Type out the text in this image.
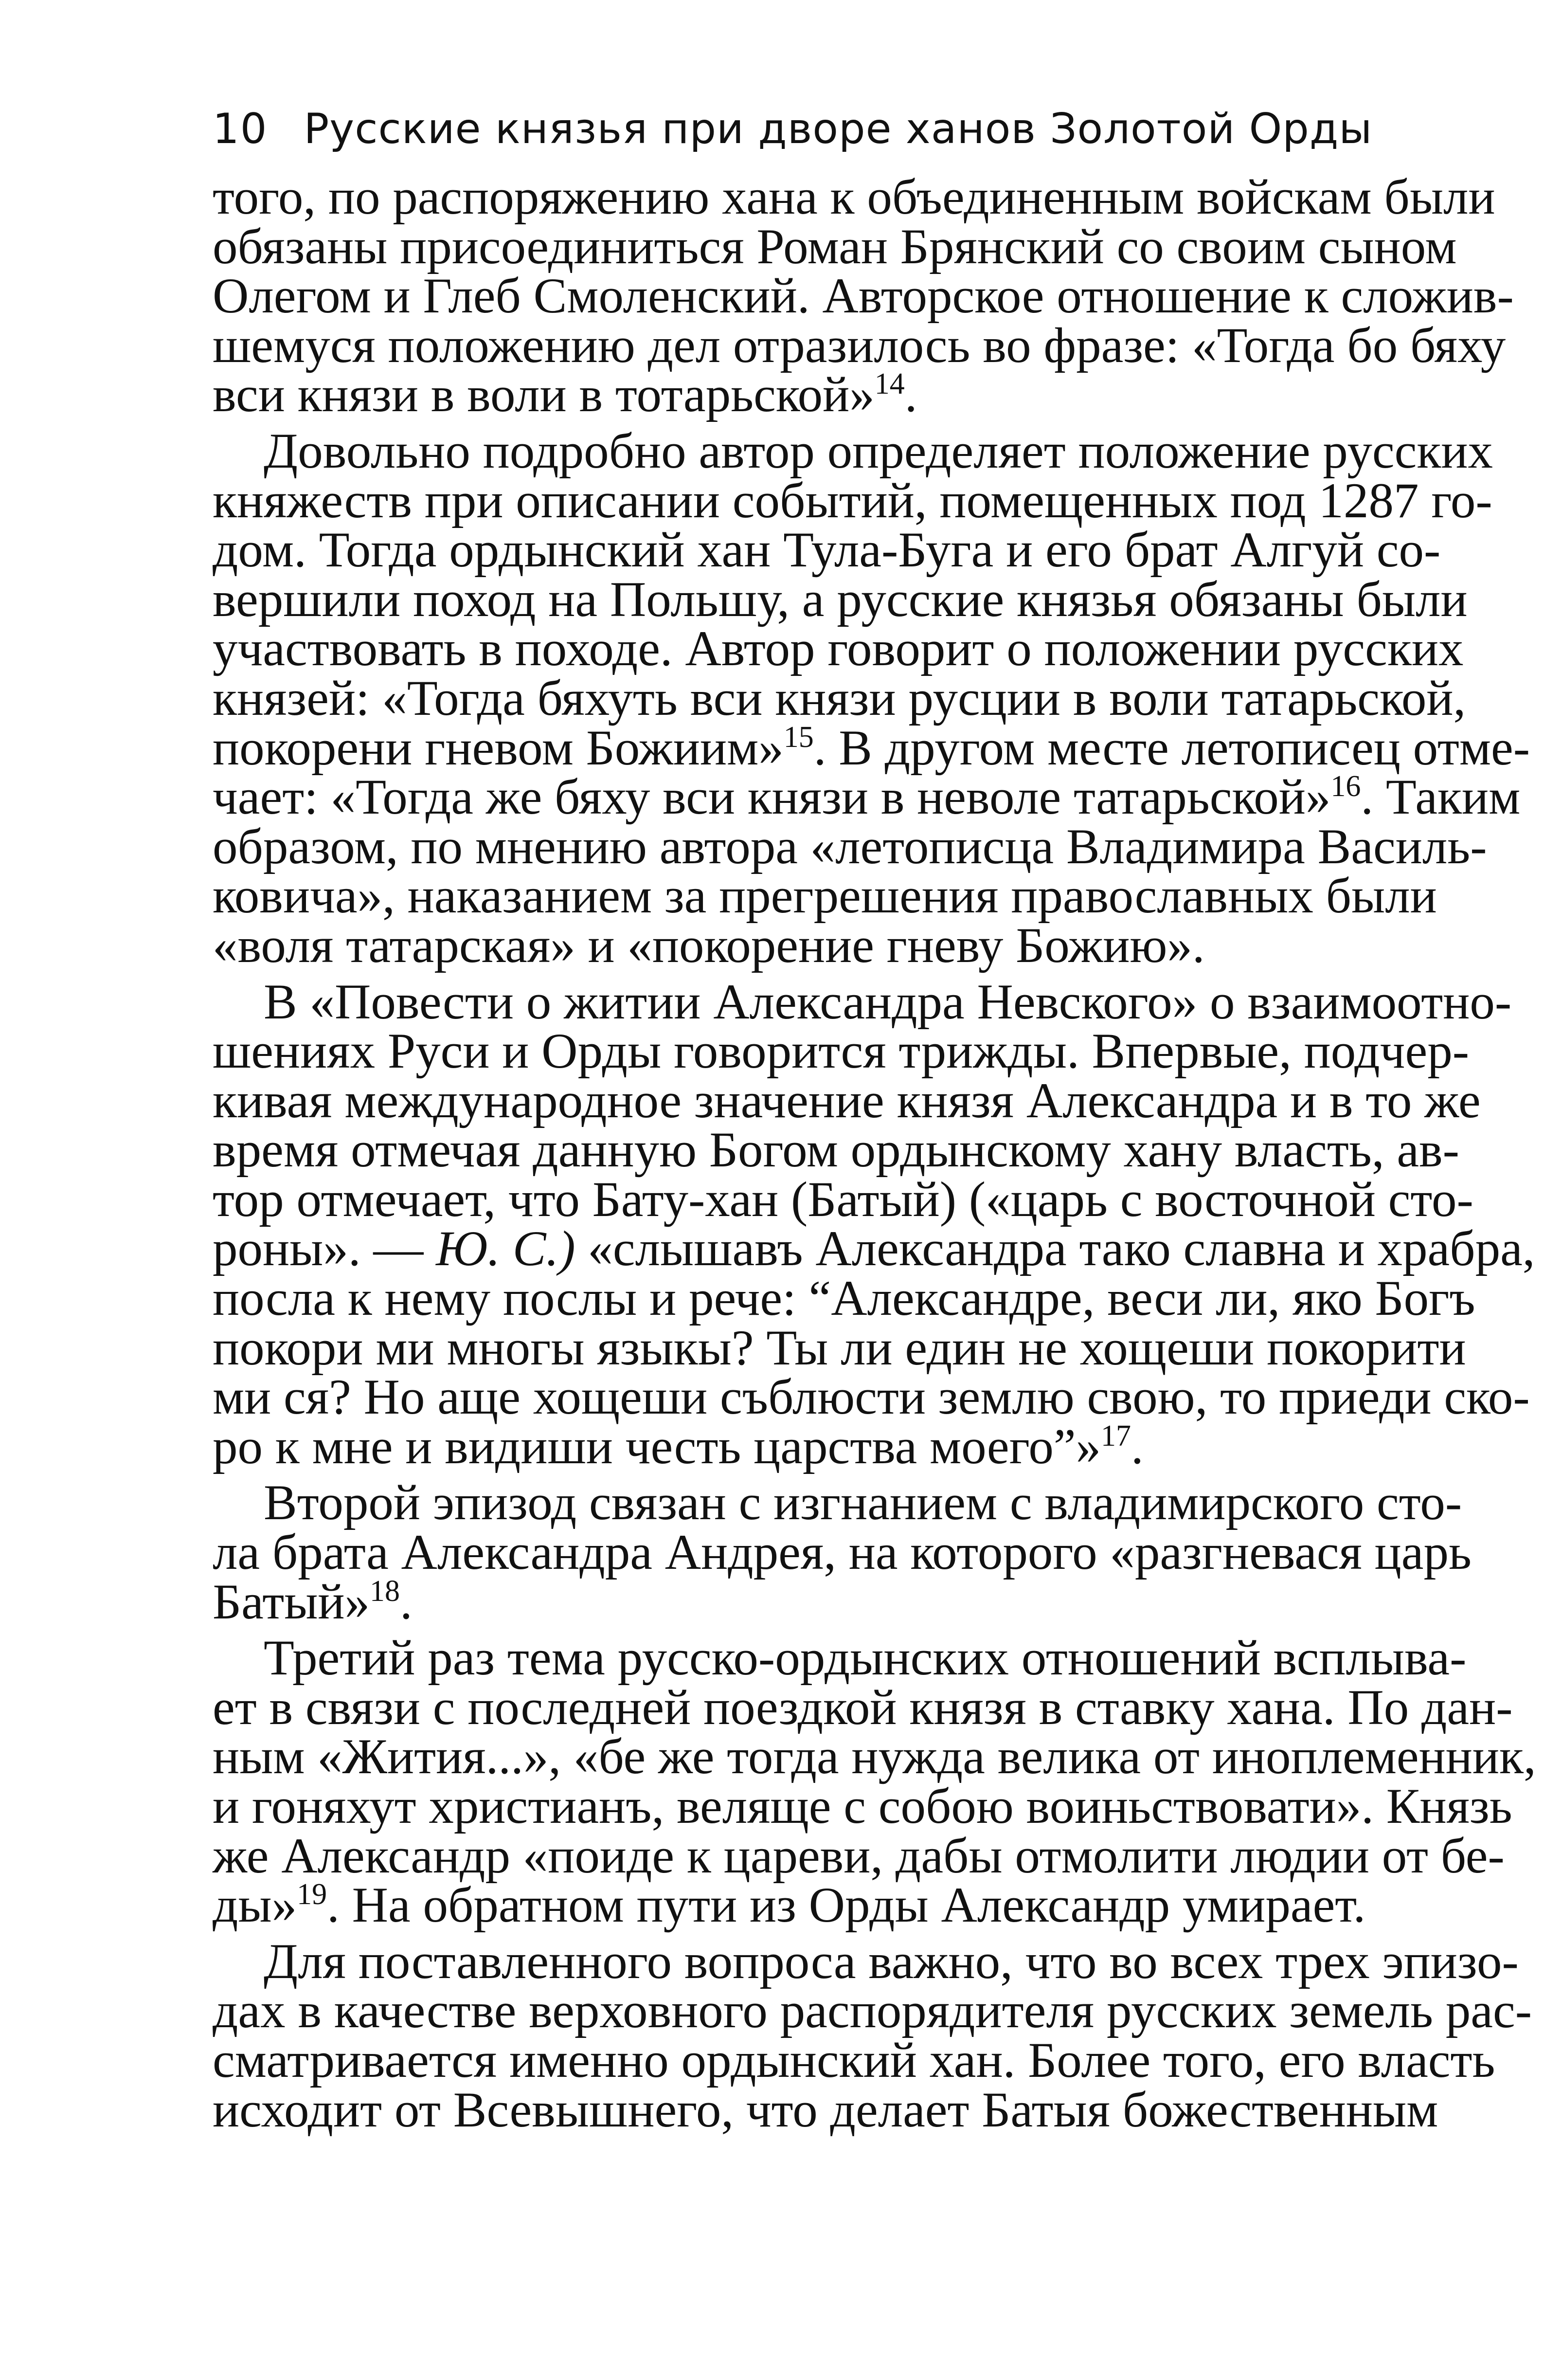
10 Русские князья при дворе ханов Золотой Орды
того, по распоряжению хана к объединенным войскам были
обязаны присоединиться Роман Брянский со своим сыном
Олегом и Глеб Смоленский. Авторское отношение к сложив-
шемуся положению дел отразилось во фразе: «Тогда бо бяху
вси князи в воли в тотарьской»$^{14}$.
Довольно подробно автор определяет положение русских
княжеств при описании событий, помещенных под 1287 го-
дом. Тогда ордынский хан Тула-Буга и его брат Алгуй со-
вершили поход на Польшу, а русские князья обязаны были
участвовать в походе. Автор говорит о положении русских
князей: «Тогда бяхуть вси князи русции в воли татарьской,
покорени гневом Божиим»$^{15}$. В другом месте летописец отме-
чает: «Тогда же бяху вси князи в неволе татарьской»$^{16}$. Таким
образом, по мнению автора «летописца Владимира Василь-
ковича», наказанием за прегрешения православных были
«воля татарская» и «покорение гневу Божию».
В «Повести о житии Александра Невского» о взаимоотно-
шениях Руси и Орды говорится трижды. Впервые, подчер-
кивая международное значение князя Александра и в то же
время отмечая данную Богом ордынскому хану власть, ав-
тор отмечает, что Бату-хан (Батый) («царь с восточной сто-
роны». — Ю. С.) «слышавъ Александра тако славна и храбра,
посла к нему послы и рече: “Александре, веси ли, яко Богъ
покори ми многы языкы? Ты ли един не хощеши покорити
ми ся? Но аще хощеши съблюсти землю свою, то приеди ско-
ро к мне и видиши честь царства моего”»$^{17}$.
Второй эпизод связан с изгнанием с владимирского сто-
ла брата Александра Андрея, на которого «разгневася царь
Батый»$^{18}$.
Третий раз тема русско-ордынских отношений всплыва-
ет в связи с последней поездкой князя в ставку хана. По дан-
ным «Жития...», «бе же тогда нужда велика от иноплеменник,
и гоняхут христианъ, веляще с собою воиньствовати». Князь
же Александр «поиде к цареви, дабы отмолити людии от бе-
ды»$^{19}$. На обратном пути из Орды Александр умирает.
Для поставленного вопроса важно, что во всех трех эпизо-
дах в качестве верховного распорядителя русских земель рас-
сматривается именно ордынский хан. Более того, его власть
исходит от Всевышнего, что делает Батыя божественным
